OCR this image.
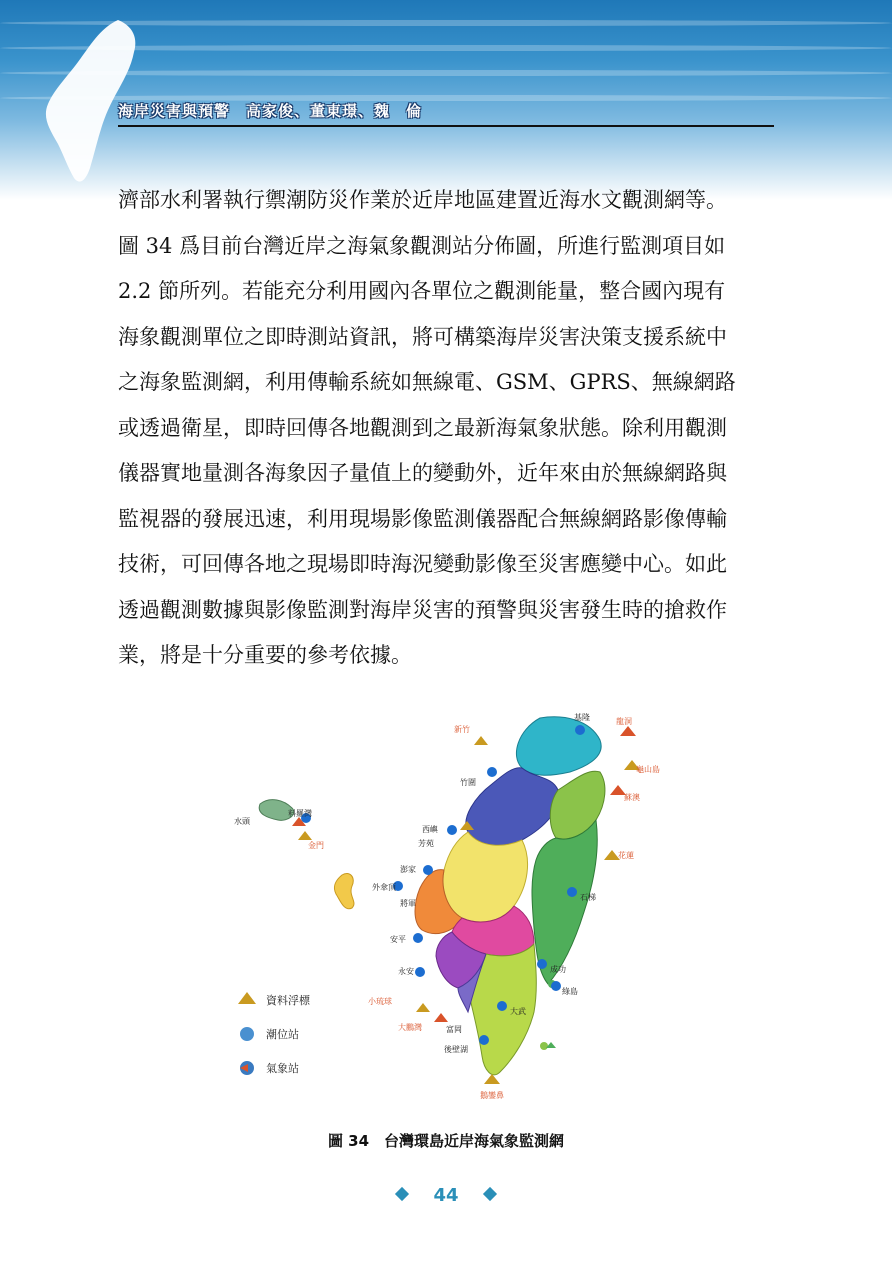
海岸災害與預警　高家俊、董東璟、魏　倫
濟部水利署執行禦潮防災作業於近岸地區建置近海水文觀測網等。
圖 34 爲目前台灣近岸之海氣象觀測站分佈圖，所進行監測項目如
2.2 節所列。若能充分利用國內各單位之觀測能量，整合國內現有
海象觀測單位之即時測站資訊，將可構築海岸災害決策支援系統中
之海象監測網，利用傳輸系統如無線電、GSM、GPRS、無線網路
或透過衛星，即時回傳各地觀測到之最新海氣象狀態。除利用觀測
儀器實地量測各海象因子量值上的變動外，近年來由於無線網路與
監視器的發展迅速，利用現場影像監測儀器配合無線網路影像傳輸
技術，可回傳各地之現場即時海況變動影像至災害應變中心。如此
透過觀測數據與影像監測對海岸災害的預警與災害發生時的搶救作
業，將是十分重要的參考依據。
基隆	龍洞
新竹
龜山島
蘇澳
竹圍
水頭
料羅灣
金門
西嶼
芳苑
花蓮
澎家
外傘頂
將軍
石梯
安平
永安	成功
綠島
小琉球
大武
大鵬灣	富岡
後壁湖
鵝鑾鼻
資料浮標
潮位站
氣象站
圖 34　台灣環島近岸海氣象監測網
44
